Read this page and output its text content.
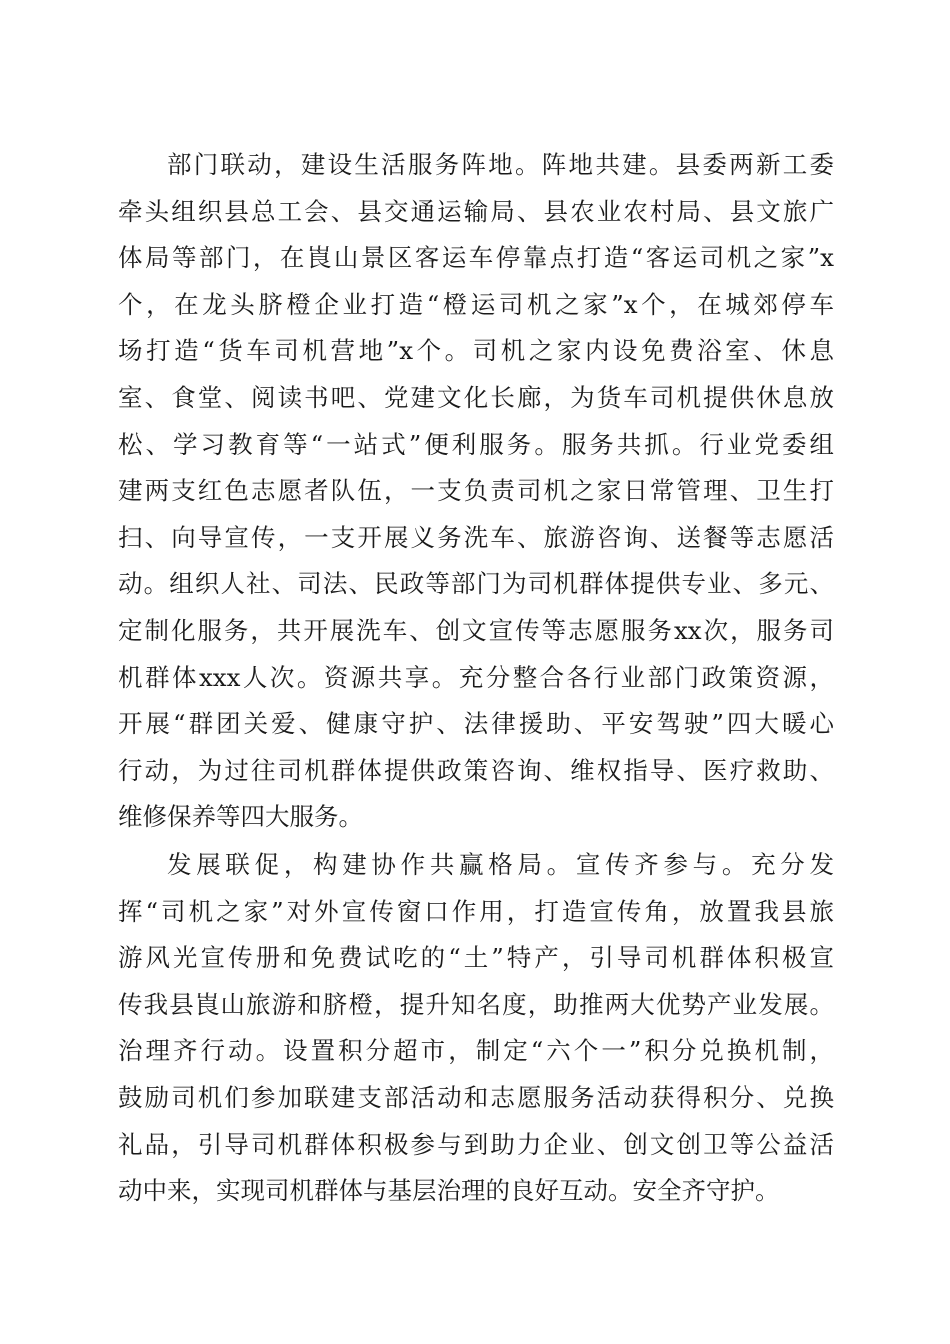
部门联动，建设生活服务阵地。阵地共建。县委两新工委
牵头组织县总工会、县交通运输局、县农业农村局、县文旅广
体局等部门，在崀山景区客运车停靠点打造“客运司机之家”x
个，在龙头脐橙企业打造“橙运司机之家”x个，在城郊停车
场打造“货车司机营地”x个。司机之家内设免费浴室、休息
室、食堂、阅读书吧、党建文化长廊，为货车司机提供休息放
松、学习教育等“一站式”便利服务。服务共抓。行业党委组
建两支红色志愿者队伍，一支负责司机之家日常管理、卫生打
扫、向导宣传，一支开展义务洗车、旅游咨询、送餐等志愿活
动。组织人社、司法、民政等部门为司机群体提供专业、多元、
定制化服务，共开展洗车、创文宣传等志愿服务xx次，服务司
机群体xxx人次。资源共享。充分整合各行业部门政策资源，
开展“群团关爱、健康守护、法律援助、平安驾驶”四大暖心
行动，为过往司机群体提供政策咨询、维权指导、医疗救助、
维修保养等四大服务。
发展联促，构建协作共赢格局。宣传齐参与。充分发
挥“司机之家”对外宣传窗口作用，打造宣传角，放置我县旅
游风光宣传册和免费试吃的“土”特产，引导司机群体积极宣
传我县崀山旅游和脐橙，提升知名度，助推两大优势产业发展。
治理齐行动。设置积分超市，制定“六个一”积分兑换机制，
鼓励司机们参加联建支部活动和志愿服务活动获得积分、兑换
礼品，引导司机群体积极参与到助力企业、创文创卫等公益活
动中来，实现司机群体与基层治理的良好互动。安全齐守护。
